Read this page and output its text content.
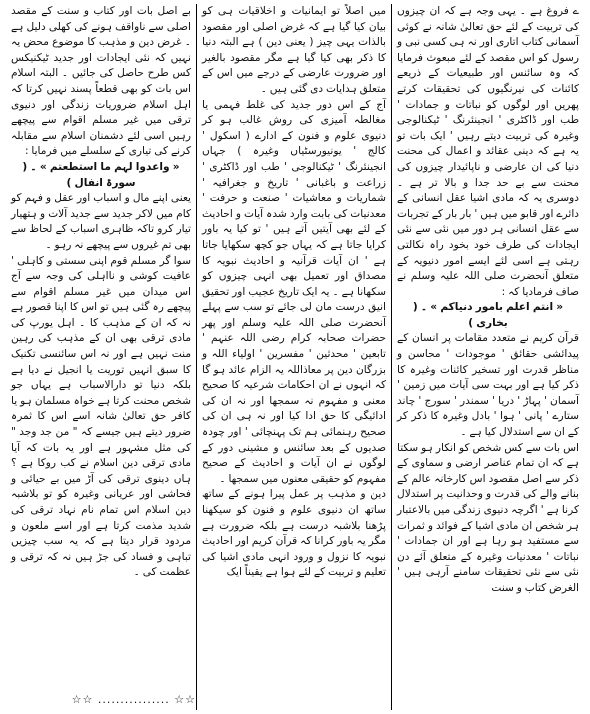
ے فروغ ہے ۔ یہی وجہ ہے کہ ان چیزوں کی تربیت کے لئے حق تعالیٰ شانہ نے کوئی آسمانی کتاب اتاری اور نہ ہی کسی نبی و رسول کو اس مقصد کے لئے مبعوث فرمایا کہ وہ سائنس اور طبیعیات کے ذریعے کائنات کی نیرنگیوں کی تحقیقات کرتے پھریں اور لوگوں کو نباتات و جمادات ' طب اور ڈاکٹری ' انجینئرنگ ' ٹیکنالوجی وغیرہ کی تربیت دیتے رہیں ' ایک بات تو یہ ہے کہ دینی عقائد و اعمال کی محنت دنیا کی ان عارضی و ناپائیدار چیزوں کی محنت سے بے حد جدا و بالا تر ہے ۔ دوسری یہ کہ مادی اشیا عقل انسانی کے دائرے اور قابو میں ہیں ' بار بار کے تجربات سے عقل انسانی ہر دور میں نئی سے نئی ایجادات کی طرف خود بخود راہ نکالتی رہتی ہے اسی لئے ایسے امور دنیویہ کے متعلق آنحضرت صلی اللہ علیہ وسلم نے صاف فرمادیا کہ :

« انتم اعلم بامور دنیاکم » ۔ ( بخاری )

قرآن کریم نے متعدد مقامات پر انسان کے پیدائشی حقائق ' موجودات ' محاسن و مناظر قدرت اور تسخیر کائنات وغیرہ کا ذکر کیا ہے اور بہت سی آیات میں زمین ' آسمان ' پہاڑ ' دریا ' سمندر ' سورج ' چاند ستارے ' پانی ' ہوا ' بادل وغیرہ کا ذکر کر کے ان سے استدلال کیا ہے ۔

اس بات سے کس شخص کو انکار ہو سکتا ہے کہ ان تمام عناصر ارضی و سماوی کے ذکر سے اصل مقصود اس کارخانہ عالم کے بنانے والے کی قدرت و وحدانیت پر استدلال کرنا ہے ' اگرچہ دنیوی زندگی میں بالاعتبار ہر شخص ان مادی اشیا کے فوائد و ثمرات سے مستفید ہو رہا ہے اور ان جمادات ' نباتات ' معدنیات وغیرہ کے متعلق آئے دن نئی سے نئی تحقیقات سامنے آرہی ہیں ' الغرض کتاب و سنت

میں اصلاً تو ایمانیات و اخلاقیات ہی کو بیان کیا گیا ہے کہ غرض اصلی اور مقصود بالذات یہی چیز ( یعنی دین ) ہے البتہ دنیا کا ذکر بھی کیا گیا ہے مگر مقصود بالغیر اور ضرورت عارضی کے درجے میں اس کے متعلق ہدایات دی گئی ہیں ۔

آج کے اس دور جدید کی غلط فہمی یا مغالطہ آمیزی کی روش غالب ہو کر دنیوی علوم و فنون کے ادارے ( اسکول ' کالج ' یونیورسٹیاں وغیرہ ) جہاں انجینئرنگ ' ٹیکنالوجی ' طب اور ڈاکٹری ' زراعت و باغبانی ' تاریخ و جغرافیہ ' شماریات و معاشیات ' صنعت و حرفت ' معدنیات کی بابت وارد شدہ آیات و احادیث کے لئے بھی آیتیں آتے ہیں ' تو کیا یہ باور کرایا جاتا ہے کہ یہاں جو کچھ سکھایا جاتا ہے ' ان آیات قرآنیہ و احادیث نبویہ کا مصداق اور تعمیل بھی انہی چیزوں کو سکھانا ہے ۔ یہ ایک تاریخ عجیب اور تحقیق انیق درست مان لی جائے تو سب سے پہلے آنحضرت صلی اللہ علیہ وسلم اور پھر حضرات صحابہ کرام رضی اللہ عنہم ' تابعین ' محدثین ' مفسرین ' اولیاء اللہ و بزرگان دین پر معاذاللہ یہ الزام عائد ہو گا کہ انہوں نے ان احکامات شرعیہ کا صحیح معنی و مفہوم نہ سمجھا اور نہ ان کی ادائیگی کا حق ادا کیا اور نہ ہی ان کی صحیح رہنمائی ہم تک پہنچائی ' اور چودہ صدیوں کے بعد سائنس و مشینی دور کے لوگوں نے ان آیات و احادیث کے صحیح مفہوم کو حقیقی معنوں میں سمجھا ۔

دین و مذہب پر عمل پیرا ہونے کے ساتھ ساتھ ان دنیوی علوم و فنون کو سیکھنا پڑھنا بلاشبہ درست ہے بلکہ ضرورت ہے مگر یہ باور کرانا کہ قرآن کریم اور احادیث نبویہ کا نزول و ورود انہی مادی اشیا کی تعلیم و تربیت کے لئے ہوا ہے یقیناً ایک

بے اصل بات اور کتاب و سنت کے مقصد اصلی سے ناواقف ہونے کی کھلی دلیل ہے ۔ غرض دین و مذہب کا موضوع محض یہ نہیں کہ نئی ایجادات اور جدید ٹیکنیکس کس طرح حاصل کی جائیں ۔ البتہ اسلام اس بات کو بھی قطعاً پسند نہیں کرتا کہ اہل اسلام ضروریات زندگی اور دنیوی ترقی میں غیر مسلم اقوام سے پیچھے رہیں اسی لئے دشمنان اسلام سے مقابلہ کرنے کی تیاری کے سلسلے میں فرمایا :

« واعدوا لہم ما استطعتم » ۔ ( سورۃ انفال )

یعنی اپنے مال و اسباب اور عقل و فہم کو کام میں لاکر جدید سے جدید آلات و ہتھیار تیار کرو تاکہ ظاہری اسباب کے لحاظ سے بھی تم غیروں سے پیچھے نہ رہو ۔

سوا گر مسلم قوم اپنی سستی و کاہلی ' عافیت کوشی و نااہلی کی وجہ سے آج اس میدان میں غیر مسلم اقوام سے پیچھے رہ گئی ہیں تو اس کا اپنا قصور ہے نہ کہ ان کے مذہب کا ۔ اہل یورپ کی مادی ترقی بھی ان کے مذہب کی رہین منت نہیں ہے اور نہ اس سائنسی تکنیک کا سبق انہیں توریت یا انجیل نے دیا ہے بلکہ دنیا تو دارالاسباب ہے یہاں جو شخص محنت کرتا ہے خواہ مسلمان ہو یا کافر حق تعالیٰ شانہ اسے اس کا ثمرہ ضرور دیتے ہیں جیسے کہ " من جد وجد " کی مثل مشہور ہے اور یہ بات کہ آیا مادی ترقی دین اسلام نے کب روکا ہے ؟ ہاں دینوی ترقی کی آڑ میں بے حیائی و فحاشی اور عریانی وغیرہ کو تو بلاشبہ دین اسلام اس تمام نام نہاد ترقی کی شدید مذمت کرتا ہے اور اسے ملعون و مردود قرار دیتا ہے کہ یہ سب چیزیں تباہی و فساد کی جڑ ہیں نہ کہ ترقی و عظمت کی ۔

☆☆ ................ ☆☆
